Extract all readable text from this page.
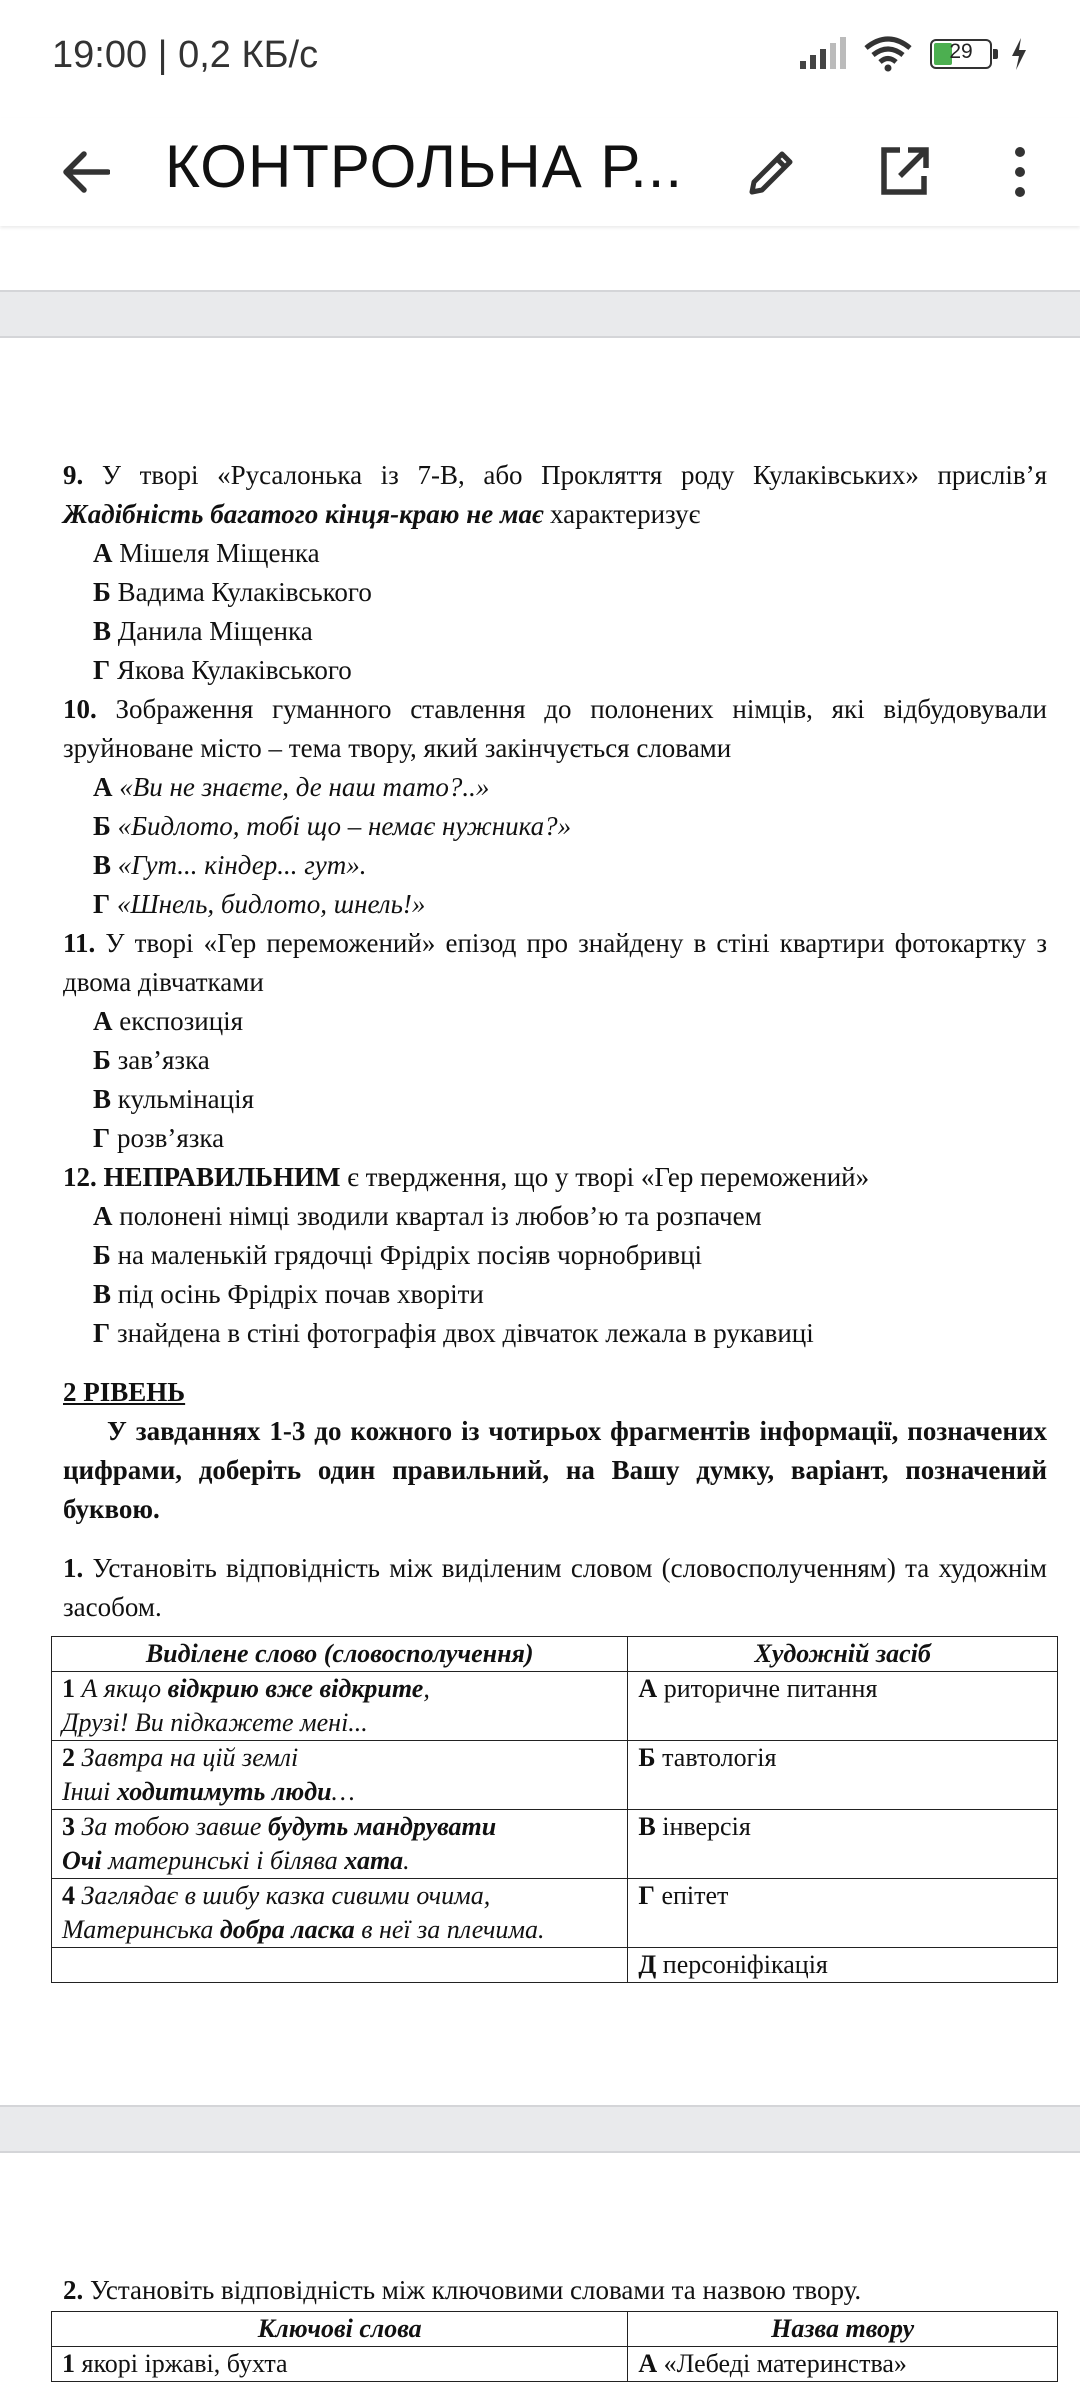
19:00 | 0,2 КБ/с	29
КОНТРОЛЬНА Р...

9. У творі «Русалонька із 7-В, або Прокляття роду Кулаківських» прислів’я Жадібність багатого кінця-краю не має характеризує

А Мішеля Міщенка

Б Вадима Кулаківського

В Данила Міщенка

Г Якова Кулаківського

10. Зображення гуманного ставлення до полонених німців, які відбудовували зруйноване місто – тема твору, який закінчується словами

А «Ви не знаєте, де наш тато?..»

Б «Бидлото, тобі що – немає нужника?»

В «Гут... кіндер... гут».

Г «Шнель, бидлото, шнель!»

11. У творі «Гер переможений» епізод про знайдену в стіні квартири фотокартку з двома дівчатками

А експозиція

Б зав’язка

В кульмінація

Г розв’язка

12. НЕПРАВИЛЬНИМ є твердження, що у творі «Гер переможений»

А полонені німці зводили квартал із любов’ю та розпачем

Б на маленькій грядочці Фрідріх посіяв чорнобривці

В під осінь Фрідріх почав хворіти

Г знайдена в стіні фотографія двох дівчаток лежала в рукавиці

2 РІВЕНЬ

У завданнях 1-3 до кожного із чотирьох фрагментів інформації, позначених цифрами, доберіть один правильний, на Вашу думку, варіант, позначений буквою.

1. Установіть відповідність між виділеним словом (словосполученням) та художнім засобом.

Виділене слово (словосполучення)	Художній засіб
1 А якщо відкрию вже відкрите,
Друзі! Ви підкажете мені...	А риторичне питання
2 Завтра на цій землі
Інші ходитимуть люди…	Б тавтологія
3 За тобою завше будуть мандрувати
Очі материнські і білява хата.	В інверсія
4 Заглядає в шибу казка сивими очима,
Материнська добра ласка в неї за плечима.	Г епітет
	Д персоніфікація

2. Установіть відповідність між ключовими словами та назвою твору.

Ключові слова	Назва твору
1 якорі іржаві, бухта	А «Лебеді материнства»
